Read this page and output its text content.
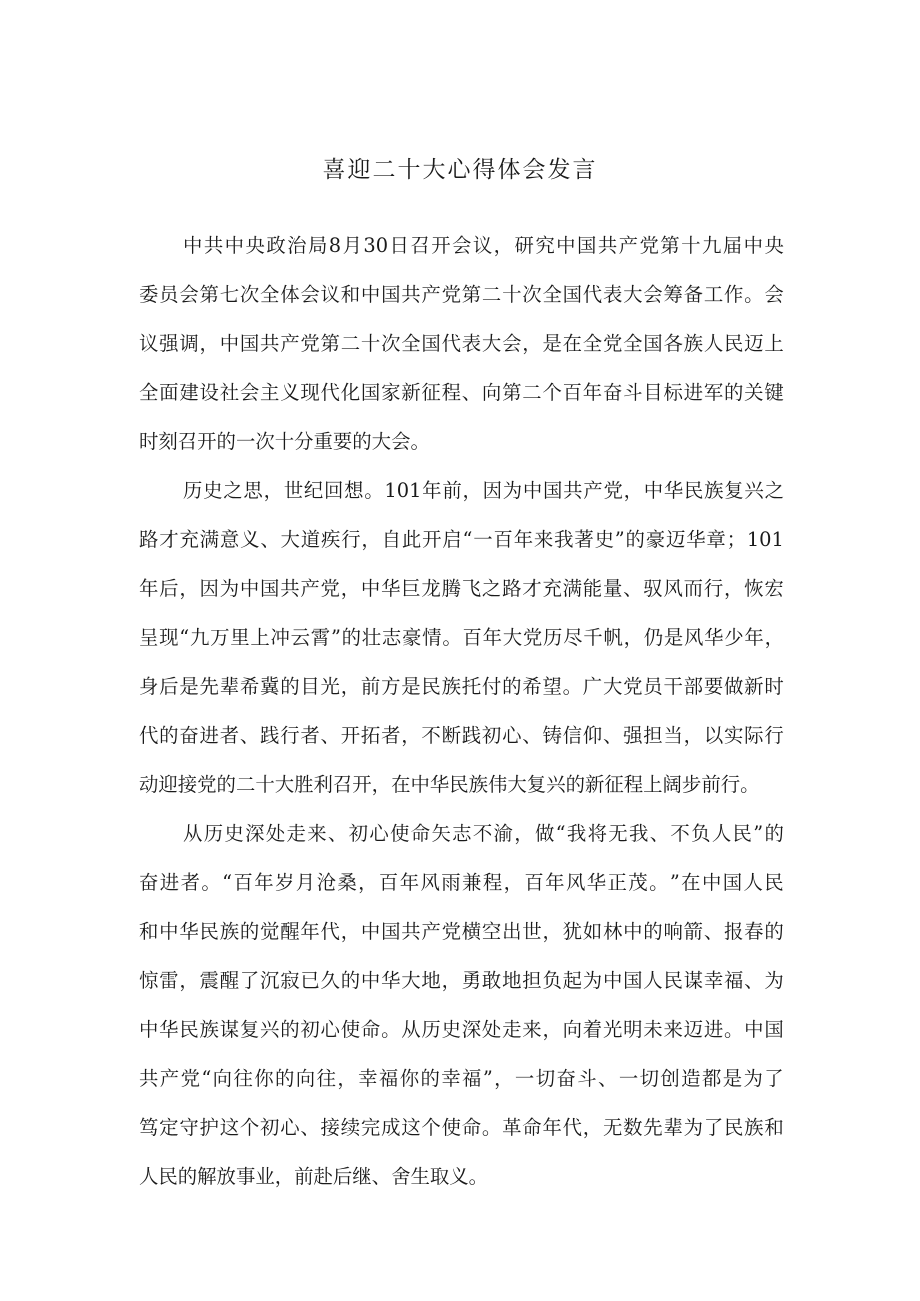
喜迎二十大心得体会发言
中 共 中 央 政 治 局 8 月 30 日 召 开 会 议 ， 研 究 中 国 共 产 党 第 十 九 届 中 央
委 员 会 第 七 次 全 体 会 议 和 中 国 共 产 党 第 二 十 次 全 国 代 表 大 会 筹 备 工 作 。 会
议 强 调 ， 中 国 共 产 党 第 二 十 次 全 国 代 表 大 会 ， 是 在 全 党 全 国 各 族 人 民 迈 上
全 面 建 设 社 会 主 义 现 代 化 国 家 新 征 程 、 向 第 二 个 百 年 奋 斗 目 标 进 军 的 关 键
时刻召开的一次十分重要的大会。
历 史 之 思 ， 世 纪 回 想 。 101 年 前 ， 因 为 中 国 共 产 党 ， 中 华 民 族 复 兴 之
路 才 充 满 意 义 、 大 道 疾 行 ， 自 此 开 启 “ 一 百 年 来 我 著 史 ” 的 豪 迈 华 章 ； 101
年 后 ， 因 为 中 国 共 产 党 ， 中 华 巨 龙 腾 飞 之 路 才 充 满 能 量 、 驭 风 而 行 ， 恢 宏
呈 现 “ 九 万 里 上 冲 云 霄 ” 的 壮 志 豪 情 。 百 年 大 党 历 尽 千 帆 ， 仍 是 风 华 少 年 ，
身 后 是 先 辈 希 冀 的 目 光 ， 前 方 是 民 族 托 付 的 希 望 。 广 大 党 员 干 部 要 做 新 时
代 的 奋 进 者 、 践 行 者 、 开 拓 者 ， 不 断 践 初 心 、 铸 信 仰 、 强 担 当 ， 以 实 际 行
动迎接党的二十大胜利召开，在中华民族伟大复兴的新征程上阔步前行。
从 历 史 深 处 走 来 、 初 心 使 命 矢 志 不 渝 ， 做 “ 我 将 无 我 、 不 负 人 民 ” 的
奋 进 者 。 “ 百 年 岁 月 沧 桑 ， 百 年 风 雨 兼 程 ， 百 年 风 华 正 茂 。 ” 在 中 国 人 民
和 中 华 民 族 的 觉 醒 年 代 ， 中 国 共 产 党 横 空 出 世 ， 犹 如 林 中 的 响 箭 、 报 春 的
惊 雷 ， 震 醒 了 沉 寂 已 久 的 中 华 大 地 ， 勇 敢 地 担 负 起 为 中 国 人 民 谋 幸 福 、 为
中 华 民 族 谋 复 兴 的 初 心 使 命 。 从 历 史 深 处 走 来 ， 向 着 光 明 未 来 迈 进 。 中 国
共 产 党 “ 向 往 你 的 向 往 ， 幸 福 你 的 幸 福 ” ， 一 切 奋 斗 、 一 切 创 造 都 是 为 了
笃 定 守 护 这 个 初 心 、 接 续 完 成 这 个 使 命 。 革 命 年 代 ， 无 数 先 辈 为 了 民 族 和
人民的解放事业，前赴后继、舍生取义。
